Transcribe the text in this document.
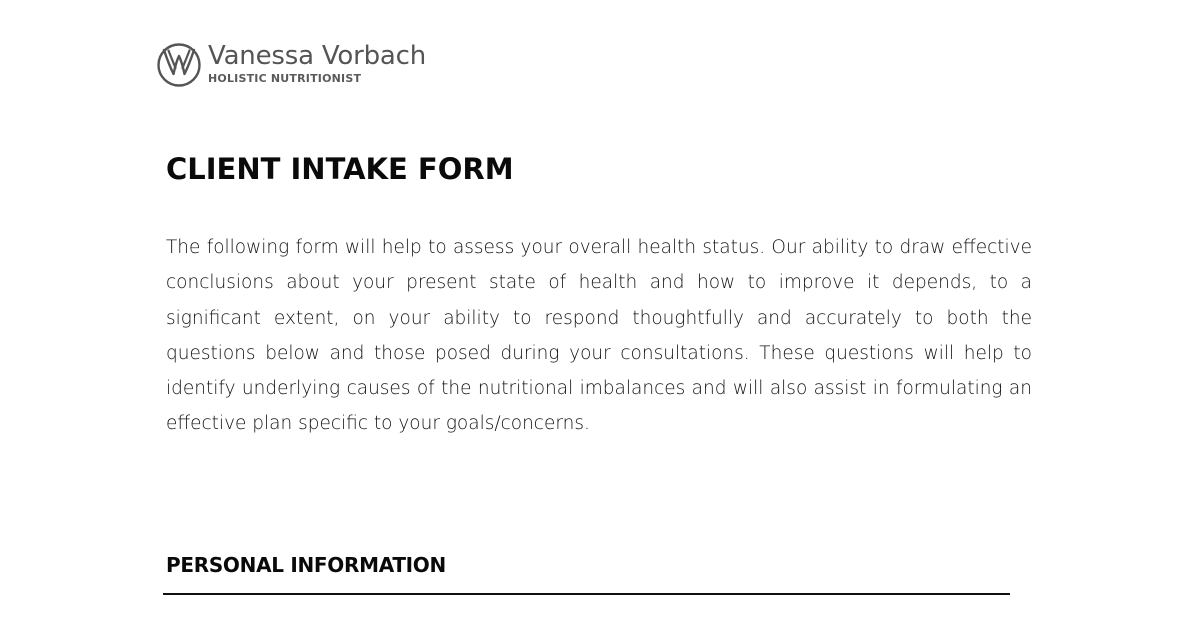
Vanessa Vorbach
HOLISTIC NUTRITIONIST
CLIENT INTAKE FORM

The following form will help to assess your overall health status. Our ability to draw effective conclusions about your present state of health and how to improve it depends, to a significant extent, on your ability to respond thoughtfully and accurately to both the questions below and those posed during your consultations. These questions will help to identify underlying causes of the nutritional imbalances and will also assist in formulating an effective plan specific to your goals/concerns.

PERSONAL INFORMATION
